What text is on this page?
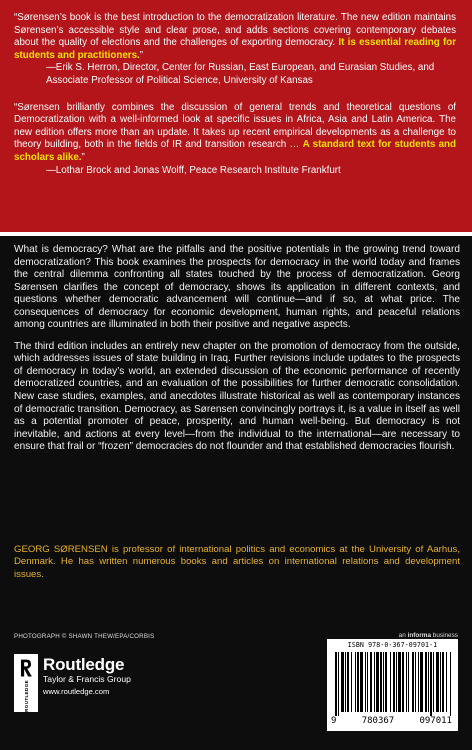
“Sørensen’s book is the best introduction to the democratization literature. The new edition maintains Sørensen’s accessible style and clear prose, and adds sections covering contemporary debates about the quality of elections and the challenges of exporting democracy. It is essential reading for students and practitioners.”

—Erik S. Herron, Director, Center for Russian, East European, and Eurasian Studies, and Associate Professor of Political Science, University of Kansas

“Sørensen brilliantly combines the discussion of general trends and theoretical questions of Democratization with a well-informed look at specific issues in Africa, Asia and Latin America. The new edition offers more than an update. It takes up recent empirical developments as a challenge to theory building, both in the fields of IR and transition research … A standard text for students and scholars alike.”

—Lothar Brock and Jonas Wolff, Peace Research Institute Frankfurt

What is democracy? What are the pitfalls and the positive potentials in the growing trend toward democratization? This book examines the prospects for democracy in the world today and frames the central dilemma confronting all states touched by the process of democratization. Georg Sørensen clarifies the concept of democracy, shows its application in different contexts, and questions whether democratic advancement will continue—and if so, at what price. The consequences of democracy for economic development, human rights, and peaceful relations among countries are illuminated in both their positive and negative aspects.

The third edition includes an entirely new chapter on the promotion of democracy from the outside, which addresses issues of state building in Iraq. Further revisions include updates to the prospects of democracy in today’s world, an extended discussion of the economic performance of recently democratized countries, and an evaluation of the possibilities for further democratic consolidation. New case studies, examples, and anecdotes illustrate historical as well as contemporary instances of democratic transition. Democracy, as Sørensen convincingly portrays it, is a value in itself as well as a potential promoter of peace, prosperity, and human well-being. But democracy is not inevitable, and actions at every level—from the individual to the international—are necessary to ensure that frail or “frozen” democracies do not flounder and that established democracies flourish.

GEORG SØRENSEN is professor of international politics and economics at the University of Aarhus, Denmark. He has written numerous books and articles on international relations and development issues.

PHOTOGRAPH © SHAWN THEW/EPA/CORBIS	an informa business
ROUTLEDGE
Routledge
Taylor & Francis Group
www.routledge.com
ISBN 978-0-367-09701-1
9	780367	097011
